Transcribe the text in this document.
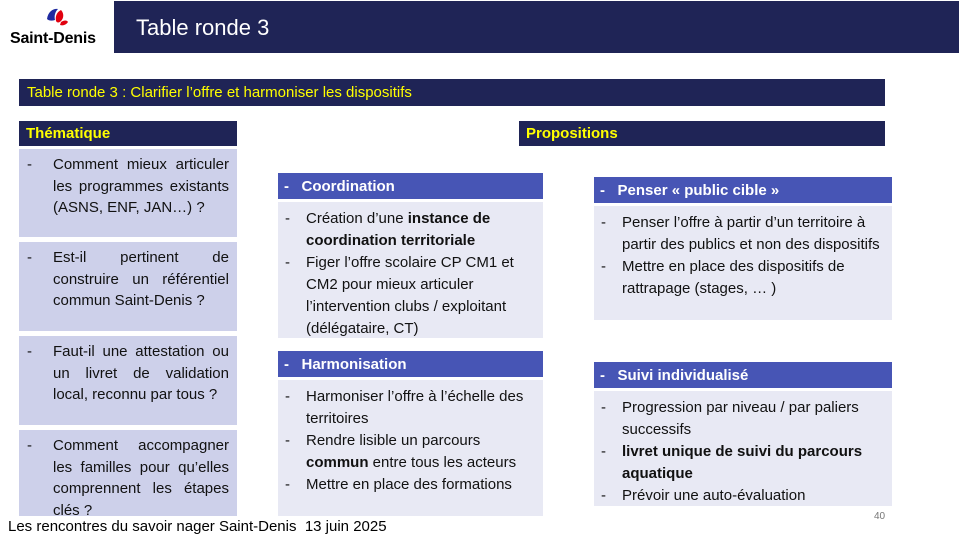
Saint-Denis Table ronde 3
Table ronde 3 : Clarifier l’offre et harmoniser les dispositifs
Thématique
- Comment mieux articuler les programmes existants (ASNS, ENF, JAN…) ?
- Est-il pertinent de construire un référentiel commun Saint-Denis ?
- Faut-il une attestation ou un livret de validation local, reconnu par tous ?
- Comment accompagner les familles pour qu’elles comprennent les étapes clés ?
Propositions
-   Coordination
- Création d’une instance de coordination territoriale
- Figer l’offre scolaire CP CM1 et CM2 pour mieux articuler l’intervention clubs / exploitant (délégataire, CT)
-   Harmonisation
- Harmoniser l’offre à l’échelle des territoires
- Rendre lisible un parcours commun entre tous les acteurs
- Mettre en place des formations
-   Penser « public cible »
- Penser l’offre à partir d’un territoire à partir des publics et non des dispositifs
- Mettre en place des dispositifs de rattrapage (stages, … )
-   Suivi individualisé
- Progression par niveau / par paliers successifs
- livret unique de suivi du parcours aquatique
- Prévoir une auto-évaluation
40
Les rencontres du savoir nager Saint-Denis  13 juin 2025
